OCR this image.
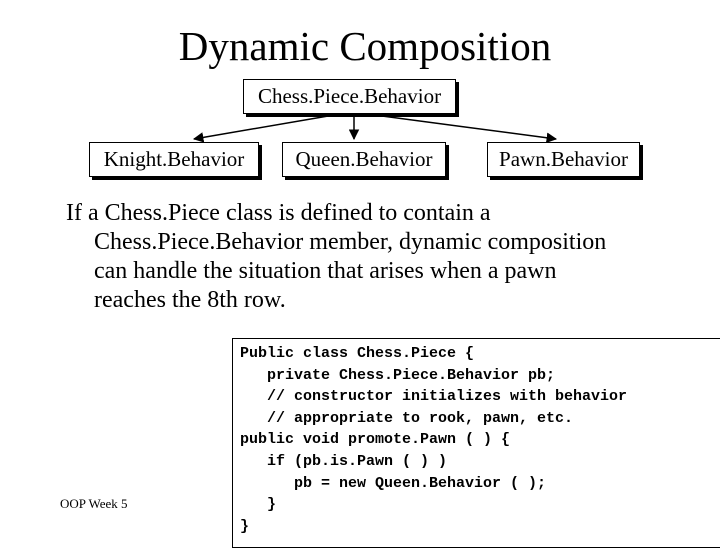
Dynamic Composition
Chess.Piece.Behavior
Knight.Behavior	Queen.Behavior	Pawn.Behavior
If a Chess.Piece class is defined to contain a
Chess.Piece.Behavior member, dynamic composition
can handle the situation that arises when a pawn
reaches the 8th row.
Public class Chess.Piece {
private Chess.Piece.Behavior pb;
// constructor initializes with behavior
// appropriate to rook, pawn, etc.
public void promote.Pawn ( ) {
if (pb.is.Pawn ( ) )
pb = new Queen.Behavior ( );
}
}
OOP Week 5
